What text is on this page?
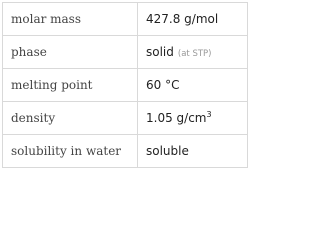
molar mass	427.8 g/mol
phase	solid (at STP)
melting point	60 °C
density	1.05 $g/cm^3$
solubility in water	soluble
